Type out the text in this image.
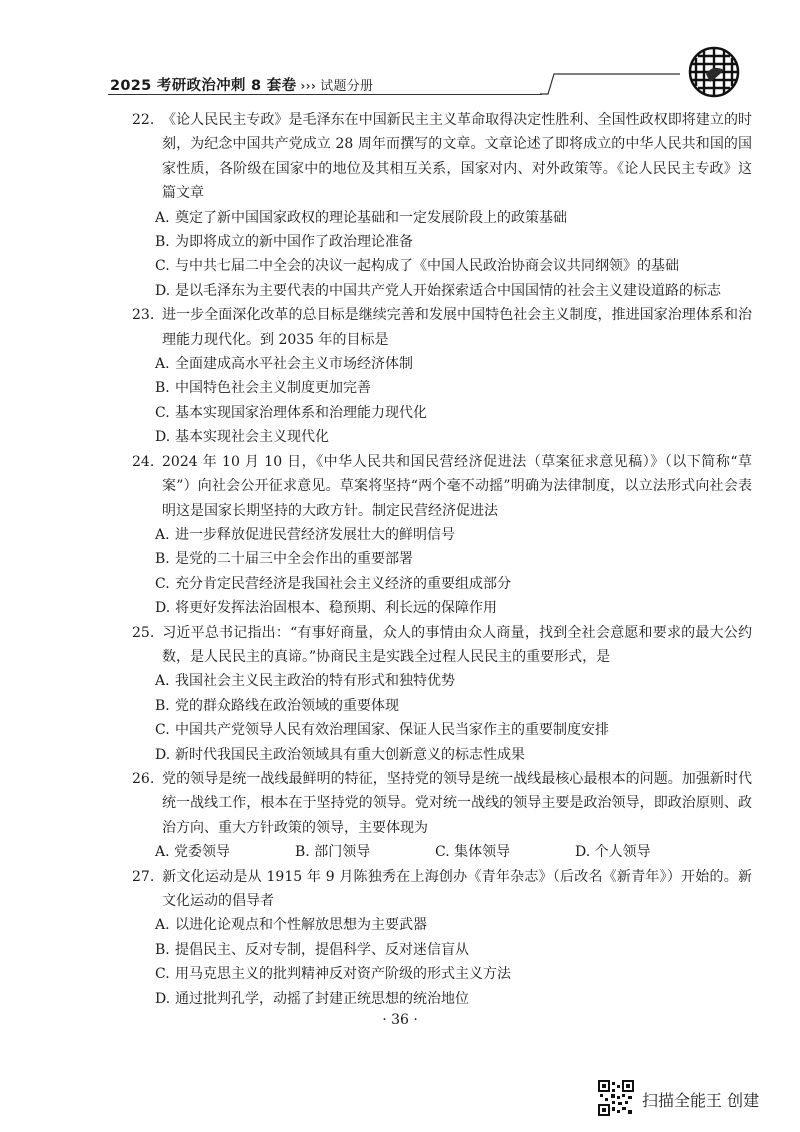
2025 考研政治冲刺 8 套卷 ››› 试题分册

22. 《论人民民主专政》是毛泽东在中国新民主主义革命取得决定性胜利、全国性政权即将建立的时刻，为纪念中国共产党成立 28 周年而撰写的文章。文章论述了即将成立的中华人民共和国的国家性质，各阶级在国家中的地位及其相互关系，国家对内、对外政策等。《论人民民主专政》这篇文章

A. 奠定了新中国国家政权的理论基础和一定发展阶段上的政策基础

B. 为即将成立的新中国作了政治理论准备

C. 与中共七届二中全会的决议一起构成了《中国人民政治协商会议共同纲领》的基础

D. 是以毛泽东为主要代表的中国共产党人开始探索适合中国国情的社会主义建设道路的标志

23. 进一步全面深化改革的总目标是继续完善和发展中国特色社会主义制度，推进国家治理体系和治理能力现代化。到 2035 年的目标是

A. 全面建成高水平社会主义市场经济体制

B. 中国特色社会主义制度更加完善

C. 基本实现国家治理体系和治理能力现代化

D. 基本实现社会主义现代化

24. 2024 年 10 月 10 日，《中华人民共和国民营经济促进法（草案征求意见稿）》（以下简称“草案”）向社会公开征求意见。草案将坚持“两个毫不动摇”明确为法律制度，以立法形式向社会表明这是国家长期坚持的大政方针。制定民营经济促进法

A. 进一步释放促进民营经济发展壮大的鲜明信号

B. 是党的二十届三中全会作出的重要部署

C. 充分肯定民营经济是我国社会主义经济的重要组成部分

D. 将更好发挥法治固根本、稳预期、利长远的保障作用

25. 习近平总书记指出：“有事好商量，众人的事情由众人商量，找到全社会意愿和要求的最大公约数，是人民民主的真谛。”协商民主是实践全过程人民民主的重要形式，是

A. 我国社会主义民主政治的特有形式和独特优势

B. 党的群众路线在政治领域的重要体现

C. 中国共产党领导人民有效治理国家、保证人民当家作主的重要制度安排

D. 新时代我国民主政治领域具有重大创新意义的标志性成果

26. 党的领导是统一战线最鲜明的特征，坚持党的领导是统一战线最核心最根本的问题。加强新时代统一战线工作，根本在于坚持党的领导。党对统一战线的领导主要是政治领导，即政治原则、政治方向、重大方针政策的领导，主要体现为

A. 党委领导	B. 部门领导	C. 集体领导	D. 个人领导

27. 新文化运动是从 1915 年 9 月陈独秀在上海创办《青年杂志》（后改名《新青年》）开始的。新文化运动的倡导者

A. 以进化论观点和个性解放思想为主要武器

B. 提倡民主、反对专制，提倡科学、反对迷信盲从

C. 用马克思主义的批判精神反对资产阶级的形式主义方法

D. 通过批判孔学，动摇了封建正统思想的统治地位

· 36 ·
扫描全能王 创建
